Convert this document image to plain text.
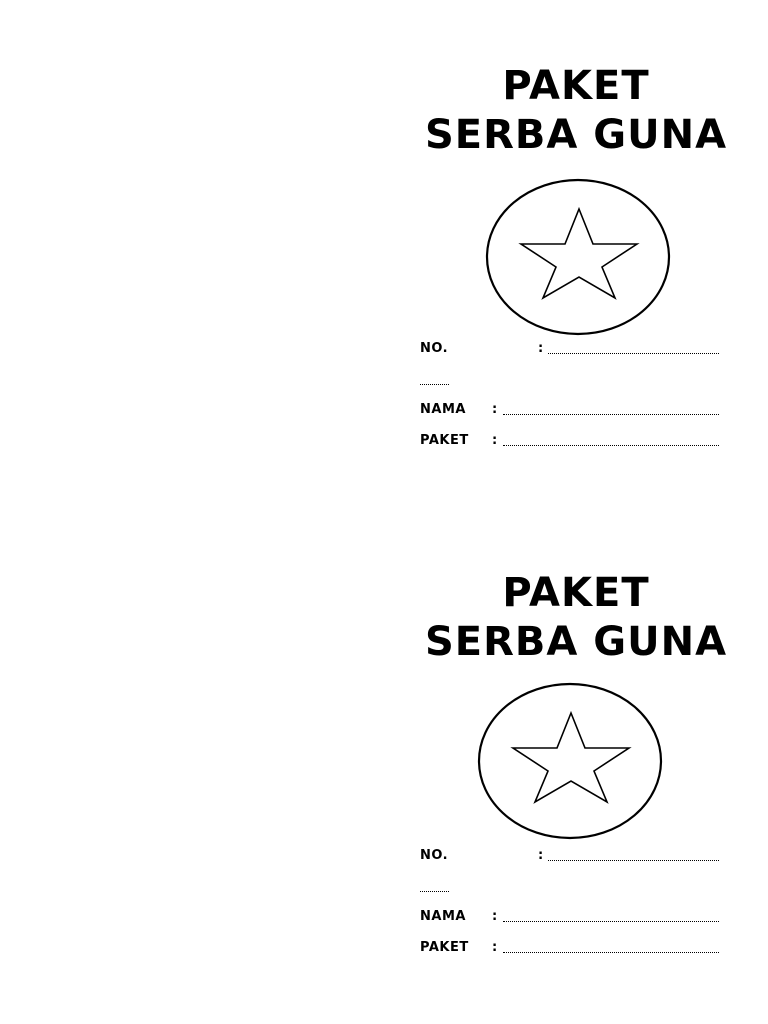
PAKET
SERBA GUNA
NO.	:
NAMA :
PAKET :
PAKET
SERBA GUNA
NO.	:
NAMA :
PAKET :
